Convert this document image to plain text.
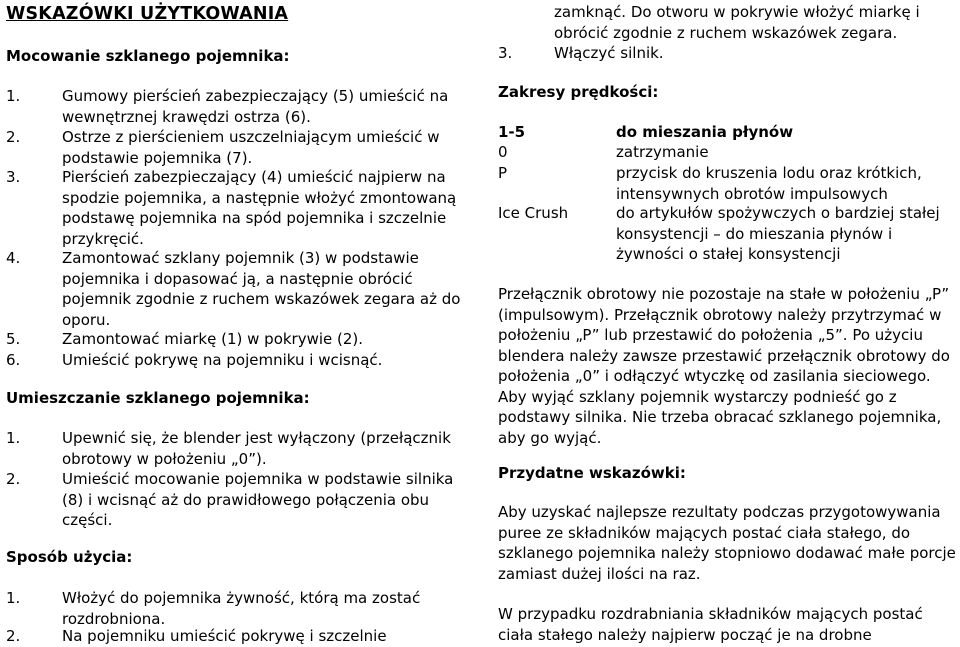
WSKAZÓWKI UŻYTKOWANIA
Mocowanie szklanego pojemnika:
1.	Gumowy pierścień zabezpieczający (5) umieścić na wewnętrznej krawędzi ostrza (6).
2.	Ostrze z pierścieniem uszczelniającym umieścić w podstawie pojemnika (7).
3.	Pierścień zabezpieczający (4) umieścić najpierw na spodzie pojemnika, a następnie włożyć zmontowaną podstawę pojemnika na spód pojemnika i szczelnie przykręcić.
4.	Zamontować szklany pojemnik (3) w podstawie pojemnika i dopasować ją, a następnie obrócić pojemnik zgodnie z ruchem wskazówek zegara aż do oporu.
5.	Zamontować miarkę (1) w pokrywie (2).
6.	Umieścić pokrywę na pojemniku i wcisnąć.
Umieszczanie szklanego pojemnika:
1.	Upewnić się, że blender jest wyłączony (przełącznik obrotowy w położeniu „0”).
2.	Umieścić mocowanie pojemnika w podstawie silnika (8) i wcisnąć aż do prawidłowego połączenia obu części.
Sposób użycia:
1.	Włożyć do pojemnika żywność, którą ma zostać rozdrobniona.
2.	Na pojemniku umieścić pokrywę i szczelnie
zamknąć. Do otworu w pokrywie włożyć miarkę i obrócić zgodnie z ruchem wskazówek zegara.
3.	Włączyć silnik.
Zakresy prędkości:
1-5	do mieszania płynów
0	zatrzymanie
P	przycisk do kruszenia lodu oraz krótkich, intensywnych obrotów impulsowych
Ice Crush	do artykułów spożywczych o bardziej stałej konsystencji – do mieszania płynów i żywności o stałej konsystencji
Przełącznik obrotowy nie pozostaje na stałe w położeniu „P” (impulsowym). Przełącznik obrotowy należy przytrzymać w położeniu „P” lub przestawić do położenia „5”. Po użyciu blendera należy zawsze przestawić przełącznik obrotowy do położenia „0” i odłączyć wtyczkę od zasilania sieciowego. Aby wyjąć szklany pojemnik wystarczy podnieść go z podstawy silnika. Nie trzeba obracać szklanego pojemnika, aby go wyjąć.
Przydatne wskazówki:
Aby uzyskać najlepsze rezultaty podczas przygotowywania puree ze składników mających postać ciała stałego, do szklanego pojemnika należy stopniowo dodawać małe porcje zamiast dużej ilości na raz.
W przypadku rozdrabniania składników mających postać ciała stałego należy najpierw począć je na drobne
